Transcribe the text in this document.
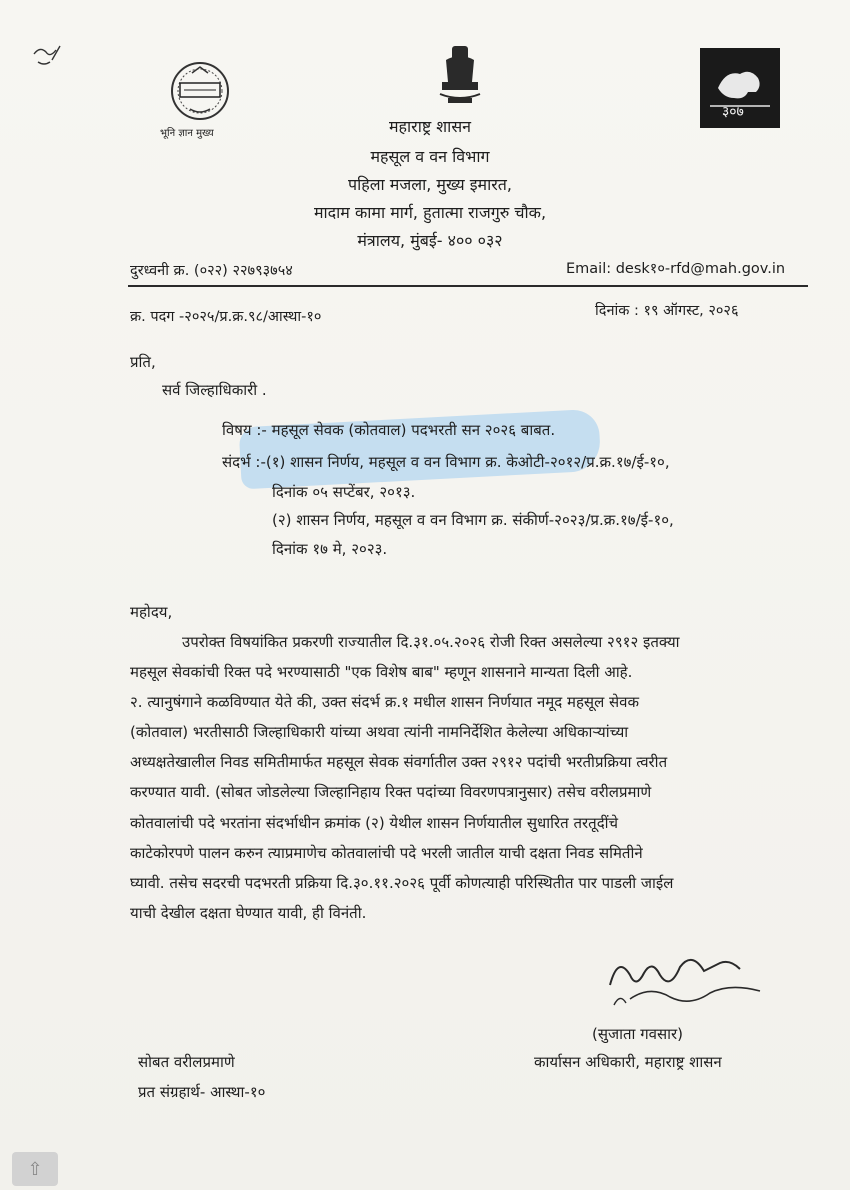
भूनि ज्ञान मुख्य
३०७
महाराष्ट्र शासन
महसूल व वन विभाग
पहिला मजला, मुख्य इमारत,
मादाम कामा मार्ग, हुतात्मा राजगुरु चौक,
मंत्रालय, मुंबई- ४०० ०३२
दुरध्वनी क्र. (०२२) २२७९३७५४	Email: desk१०-rfd@mah.gov.in
क्र. पदग -२०२५/प्र.क्र.९८/आस्था-१०	दिनांक : १९ ऑगस्ट, २०२६
प्रति,
सर्व जिल्हाधिकारी .
विषय :- महसूल सेवक (कोतवाल) पदभरती सन २०२६ बाबत.
संदर्भ :-(१) शासन निर्णय, महसूल व वन विभाग क्र. केओटी-२०१२/प्र.क्र.१७/ई-१०,
दिनांक ०५ सप्टेंबर, २०१३.
(२) शासन निर्णय, महसूल व वन विभाग क्र. संकीर्ण-२०२३/प्र.क्र.१७/ई-१०,
दिनांक १७ मे, २०२३.
महोदय,
उपरोक्त विषयांकित प्रकरणी राज्यातील दि.३१.०५.२०२६ रोजी रिक्त असलेल्या २९१२ इतक्या
महसूल सेवकांची रिक्त पदे भरण्यासाठी "एक विशेष बाब" म्हणून शासनाने मान्यता दिली आहे.
२. त्यानुषंगाने कळविण्यात येते की, उक्त संदर्भ क्र.१ मधील शासन निर्णयात नमूद महसूल सेवक
(कोतवाल) भरतीसाठी जिल्हाधिकारी यांच्या अथवा त्यांनी नामनिर्देशित केलेल्या अधिकाऱ्यांच्या
अध्यक्षतेखालील निवड समितीमार्फत महसूल सेवक संवर्गातील उक्त २९१२ पदांची भरतीप्रक्रिया त्वरीत
करण्यात यावी. (सोबत जोडलेल्या जिल्हानिहाय रिक्त पदांच्या विवरणपत्रानुसार) तसेच वरीलप्रमाणे
कोतवालांची पदे भरतांना संदर्भाधीन क्रमांक (२) येथील शासन निर्णयातील सुधारित तरतूदींचे
काटेकोरपणे पालन करुन त्याप्रमाणेच कोतवालांची पदे भरली जातील याची दक्षता निवड समितीने
घ्यावी. तसेच सदरची पदभरती प्रक्रिया दि.३०.११.२०२६ पूर्वी कोणत्याही परिस्थितीत पार पाडली जाईल
याची देखील दक्षता घेण्यात यावी, ही विनंती.
(सुजाता गवसार)
कार्यासन अधिकारी, महाराष्ट्र शासन
सोबत वरीलप्रमाणे
प्रत संग्रहार्थ- आस्था-१०
⇧
